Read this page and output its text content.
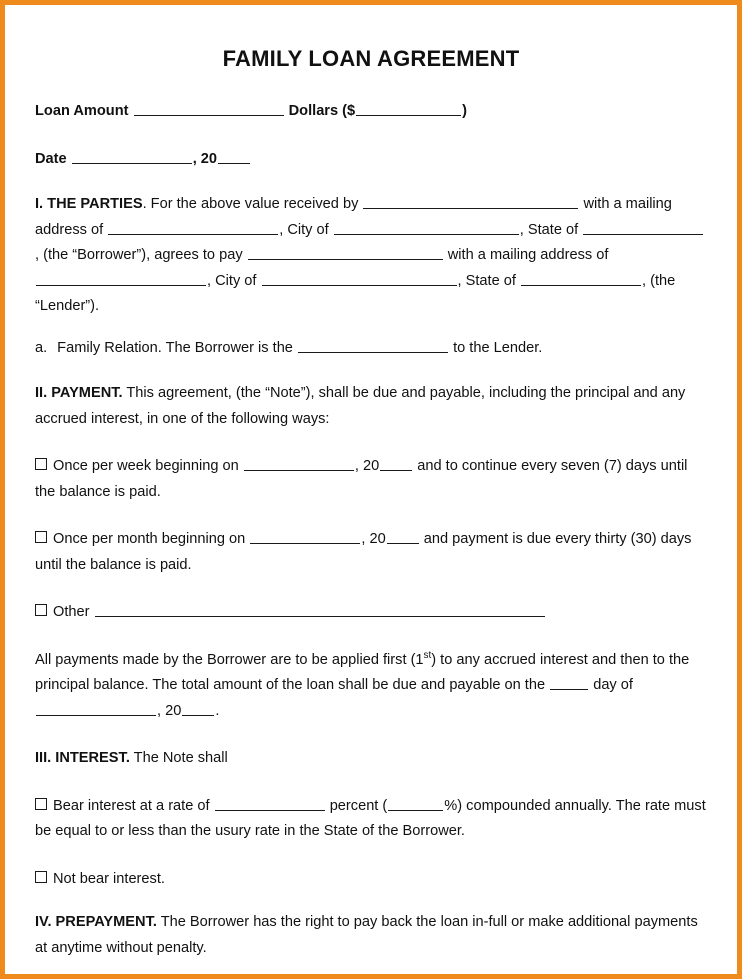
FAMILY LOAN AGREEMENT

Loan Amount	Dollars ($	)

Date	, 20

I. THE PARTIES. For the above value received by	with a mailing address of	, City of	, State of , (the “Borrower”), agrees to pay	with a mailing address of , City of	, State of	, (the “Lender”).

a. Family Relation. The Borrower is the	to the Lender.

II. PAYMENT. This agreement, (the “Note”), shall be due and payable, including the principal and any accrued interest, in one of the following ways:

Once per week beginning on	, 20	and to continue every seven (7) days until the balance is paid.

Once per month beginning on	, 20	and payment is due every thirty (30) days until the balance is paid.

Other

All payments made by the Borrower are to be applied first (1st) to any accrued interest and then to the principal balance. The total amount of the loan shall be due and payable on the	day of , 20 .

III. INTEREST. The Note shall

Bear interest at a rate of	percent (	%) compounded annually. The rate must be equal to or less than the usury rate in the State of the Borrower.

Not bear interest.

IV. PREPAYMENT. The Borrower has the right to pay back the loan in-full or make additional payments at anytime without penalty.
